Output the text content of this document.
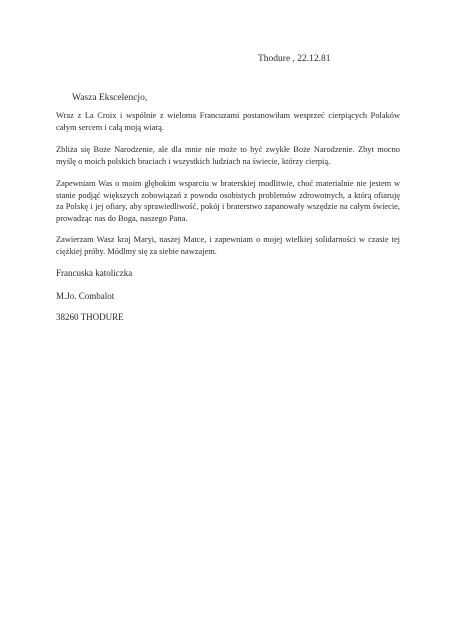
Thodure , 22.12.81
Wasza Ekscelencjo,

Wraz z La Croix i wspólnie z wieloma Francuzami postanowiłam wesprzeć cierpiących Polaków całym sercem i całą moją wiarą.

Zbliża się Boże Narodzenie, ale dla mnie nie może to być zwykłe Boże Narodzenie. Zbyt mocno myślę o moich polskich braciach i wszystkich ludziach na świecie, którzy cierpią.

Zapewniam Was o moim głębokim wsparciu w braterskiej modlitwie, choć materialnie nie jestem w stanie podjąć większych zobowiązań z powodu osobistych problemów zdrowotnych, a którą ofiaruję za Polskę i jej ofiary, aby sprawiedliwość, pokój i braterstwo zapanowały wszędzie na całym świecie, prowadząc nas do Boga, naszego Pana.

Zawierzam Wasz kraj Maryi, naszej Matce, i zapewniam o mojej wielkiej solidarności w czasie tej ciężkiej próby. Módlmy się za siebie nawzajem.

Francuska katoliczka
M.Jo. Combalot
38260 THODURE
